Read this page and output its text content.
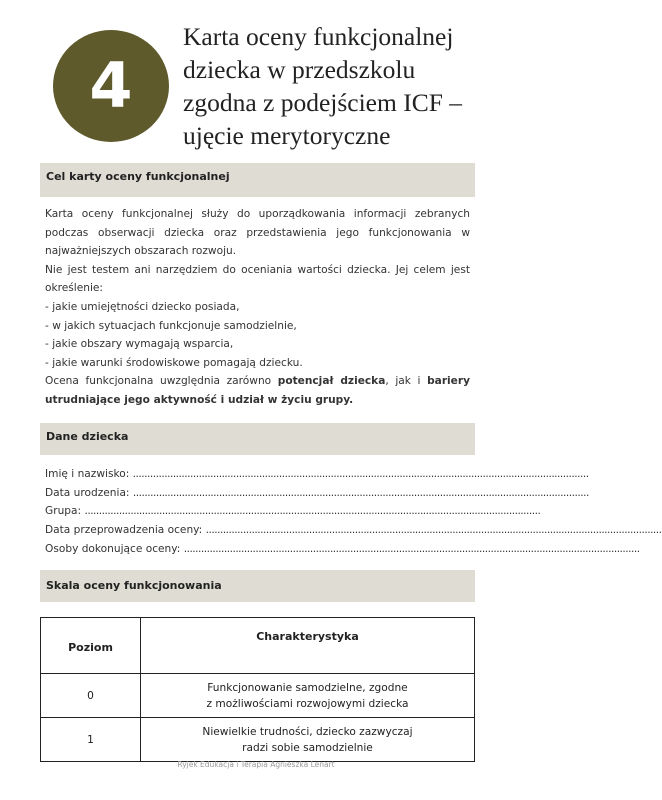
4
Karta oceny funkcjonalnej
dziecka w przedszkolu
zgodna z podejściem ICF –
ujęcie merytoryczne
Cel karty oceny funkcjonalnej
Karta oceny funkcjonalnej służy do uporządkowania informacji zebranych podczas obserwacji dziecka oraz przedstawienia jego funkcjonowania w najważniejszych obszarach rozwoju.
Nie jest testem ani narzędziem do oceniania wartości dziecka. Jej celem jest określenie:
- jakie umiejętności dziecko posiada,
- w jakich sytuacjach funkcjonuje samodzielnie,
- jakie obszary wymagają wsparcia,
- jakie warunki środowiskowe pomagają dziecku.
Ocena funkcjonalna uwzględnia zarówno potencjał dziecka, jak i bariery utrudniające jego aktywność i udział w życiu grupy.
Dane dziecka
Imię i nazwisko: ...............................................................................................................................................................
Data urodzenia: ...............................................................................................................................................................
Grupa: ...............................................................................................................................................................
Data przeprowadzenia oceny: ...............................................................................................................................................................
Osoby dokonujące oceny: ...............................................................................................................................................................
Skala oceny funkcjonowania
Poziom	Charakterystyka
0	Funkcjonowanie samodzielne, zgodne
z możliwościami rozwojowymi dziecka

1	Niewielkie trudności, dziecko zazwyczaj
radzi sobie samodzielnie
Ryjek Edukacja i Terapia Agnieszka Lenart
